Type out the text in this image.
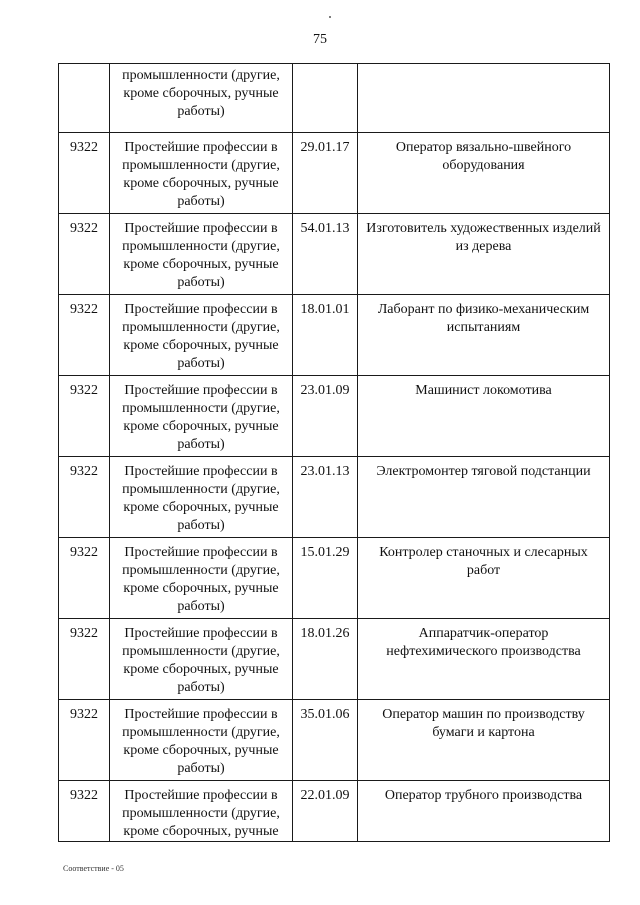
75
	промышленности (другие, кроме сборочных, ручные работы)		
9322	Простейшие профессии в промышленности (другие, кроме сборочных, ручные работы)	29.01.17	Оператор вязально-швейного оборудования
9322	Простейшие профессии в промышленности (другие, кроме сборочных, ручные работы)	54.01.13	Изготовитель художественных изделий из дерева
9322	Простейшие профессии в промышленности (другие, кроме сборочных, ручные работы)	18.01.01	Лаборант по физико-механическим испытаниям
9322	Простейшие профессии в промышленности (другие, кроме сборочных, ручные работы)	23.01.09	Машинист локомотива
9322	Простейшие профессии в промышленности (другие, кроме сборочных, ручные работы)	23.01.13	Электромонтер тяговой подстанции
9322	Простейшие профессии в промышленности (другие, кроме сборочных, ручные работы)	15.01.29	Контролер станочных и слесарных работ
9322	Простейшие профессии в промышленности (другие, кроме сборочных, ручные работы)	18.01.26	Аппаратчик-оператор нефтехимического производства
9322	Простейшие профессии в промышленности (другие, кроме сборочных, ручные работы)	35.01.06	Оператор машин по производству бумаги и картона
9322	Простейшие профессии в промышленности (другие, кроме сборочных, ручные	22.01.09	Оператор трубного производства
Соответствие - 05
